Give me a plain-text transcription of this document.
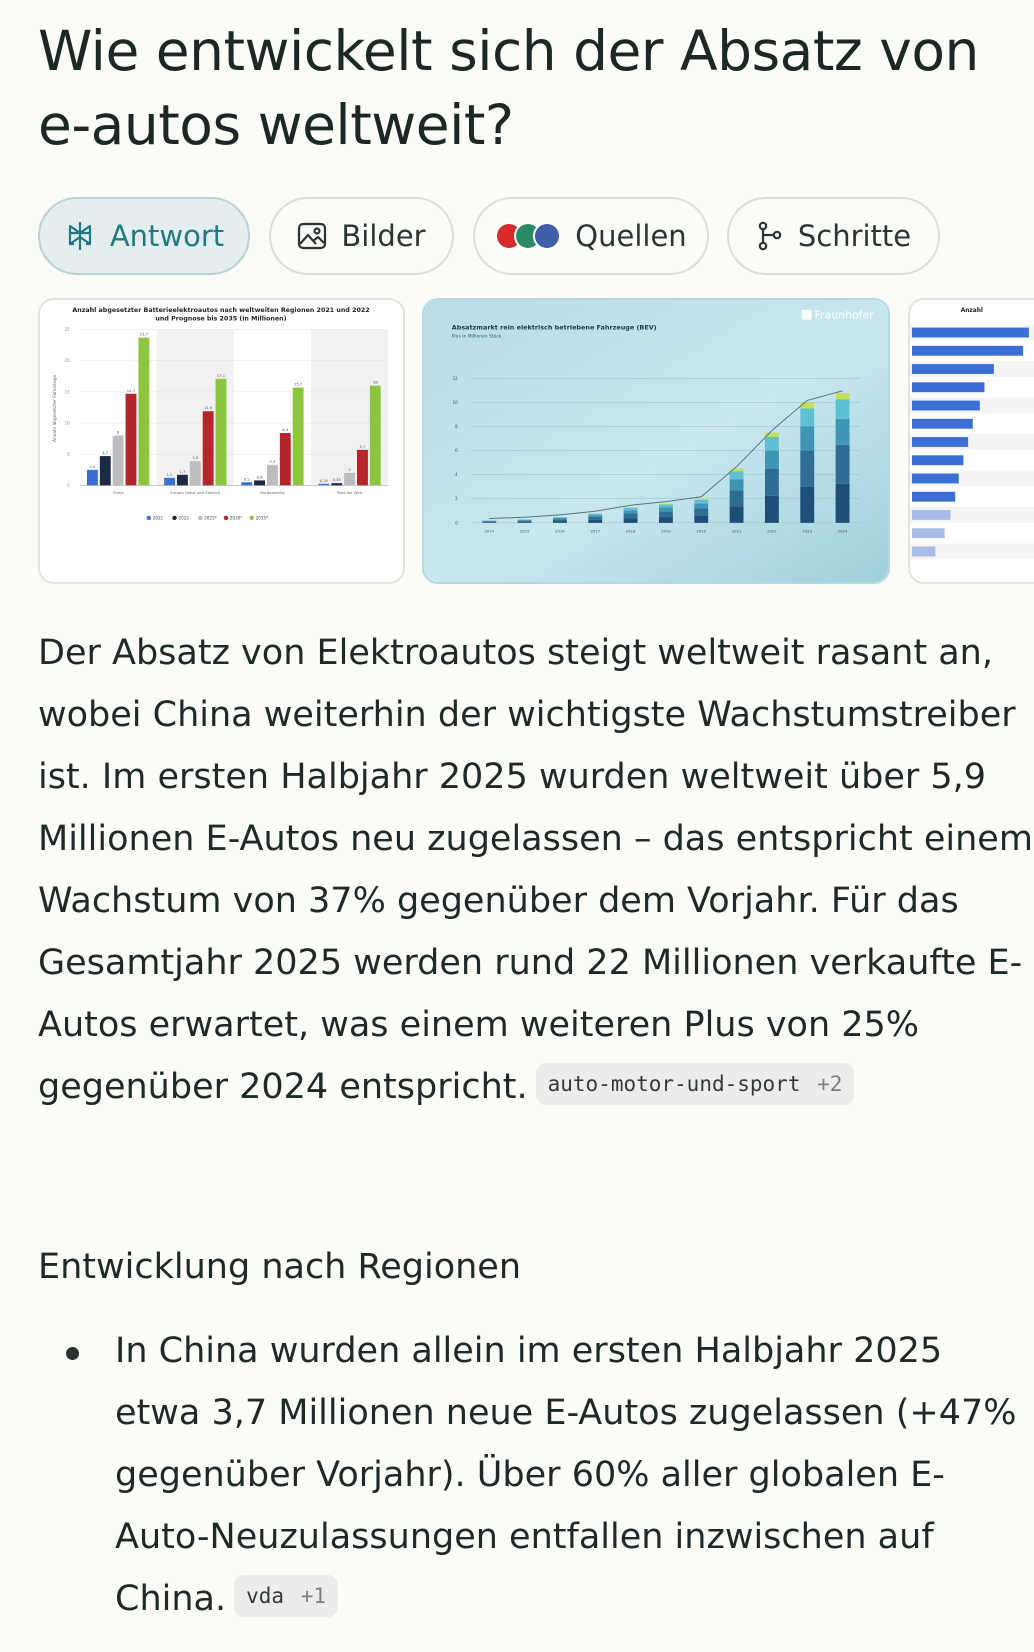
Wie entwickelt sich der Absatz von e-autos weltweit?
Antwort	Bilder	Quellen	Schritte
Anzahl abgesetzter Batterieelektroautos nach weltweiten Regionen 2021 und 2022 und Prognose bis 2035 (in Millionen)
Anzahl abgesetzter Fahrzeuge
0
5
10
15
20
25
2,5
4,7
8
14,7
23,7
China
1,2
1,7
3,9
11,9
17,1
Europa (West und Zentral)
0,5 0,8
3,3
8,4
15,7
Nordamerika
0,25 0,35
2
5,7
16
Rest der Welt
2021	2022	2025*	2030*	2035*
Absatzmarkt rein elektrisch betriebene Fahrzeuge (BEV)
Plus in Millionen Stück
Fraunhofer
0
2
4
6
8
10
12
2014	2015	2016	2017	2018	2019	2020	2021	2022	2023	2024
Anzahl

Der Absatz von Elektroautos steigt weltweit rasant an, wobei China weiterhin der wichtigste Wachstumstreiber ist. Im ersten Halbjahr 2025 wurden weltweit über 5,9 Millionen E-Autos neu zugelassen – das entspricht einem Wachstum von 37% gegenüber dem Vorjahr. Für das Gesamtjahr 2025 werden rund 22 Millionen verkaufte E-Autos erwartet, was einem weiteren Plus von 25% gegenüber 2024 entspricht. auto-motor-und-sport +2

Entwicklung nach Regionen
In China wurden allein im ersten Halbjahr 2025 etwa 3,7 Millionen neue E-Autos zugelassen (+47% gegenüber Vorjahr). Über 60% aller globalen E-Auto-Neuzulassungen entfallen inzwischen auf China. vda +1
